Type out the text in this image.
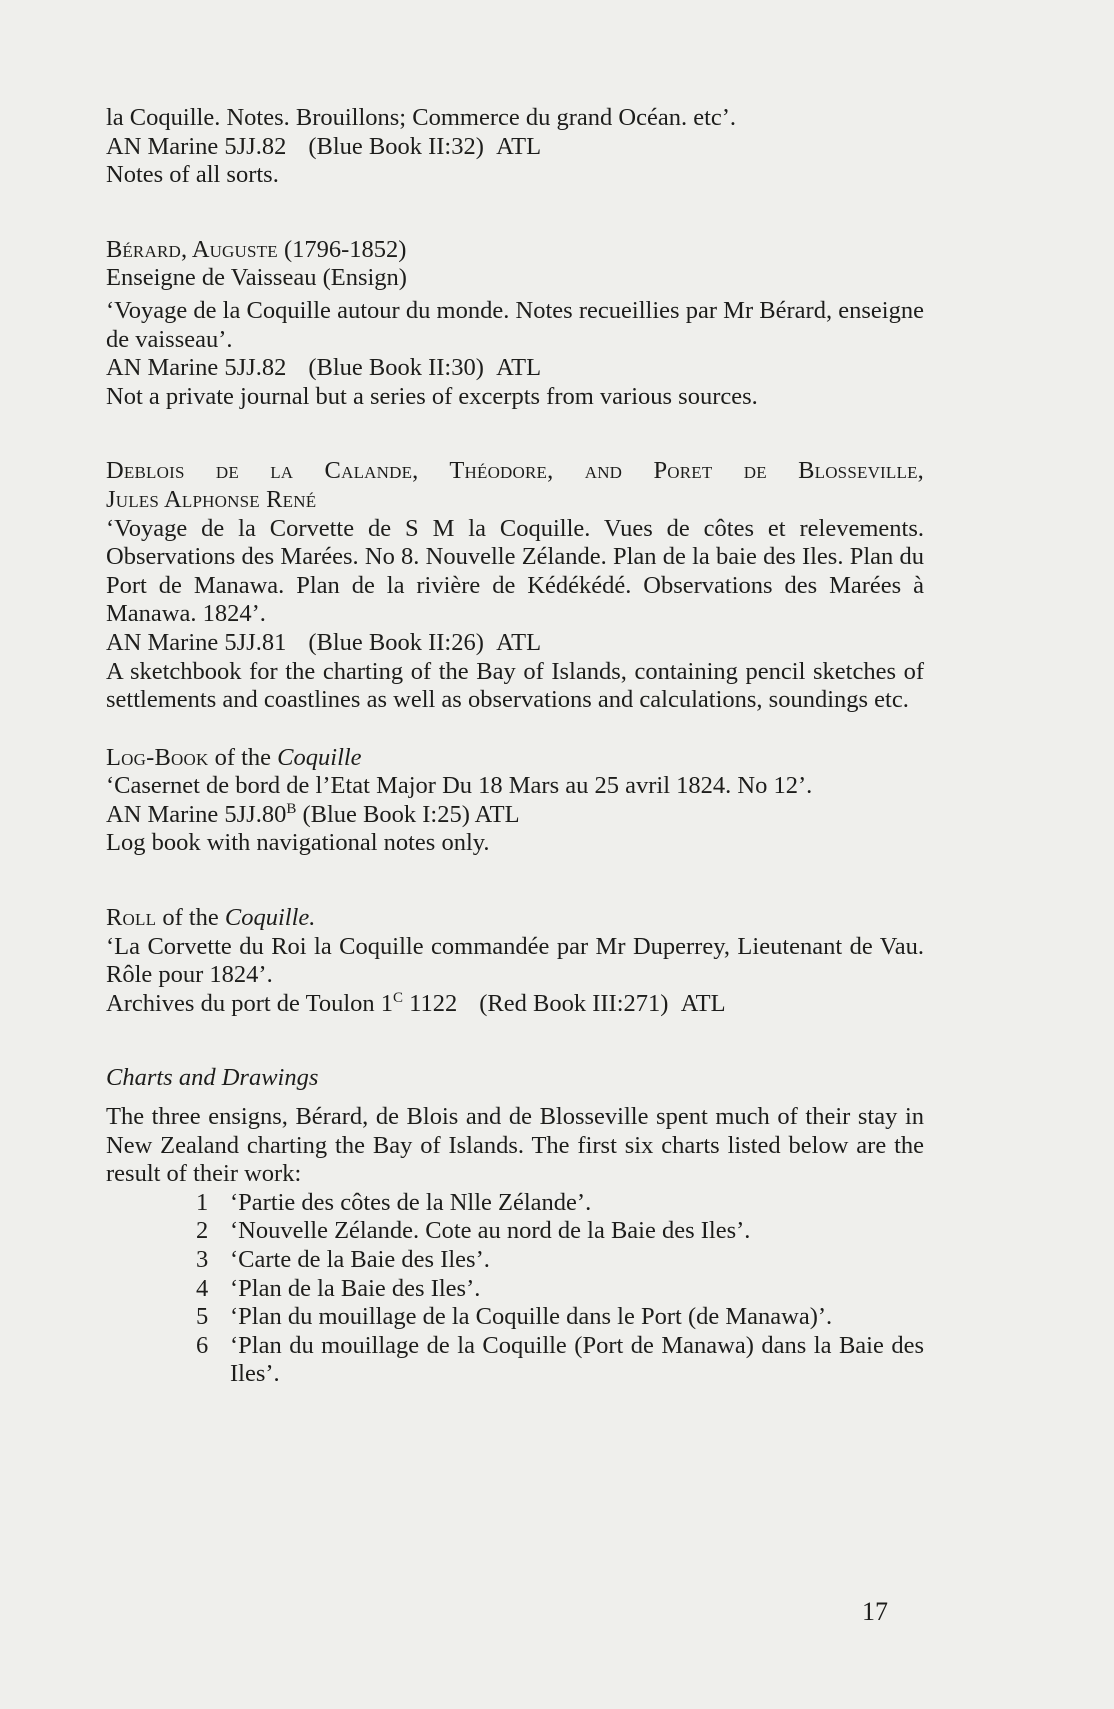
la Coquille. Notes. Brouillons; Commerce du grand Océan. etc’.

AN Marine 5JJ.82 (Blue Book II:32) ATL

Notes of all sorts.

Bérard, Auguste (1796-1852)

Enseigne de Vaisseau (Ensign)

‘Voyage de la Coquille autour du monde. Notes recueillies par Mr Bérard, enseigne de vaisseau’.

AN Marine 5JJ.82 (Blue Book II:30) ATL

Not a private journal but a series of excerpts from various sources.

Deblois de la Calande, Théodore, and Poret de Blosseville,

Jules Alphonse René

‘Voyage de la Corvette de S M la Coquille. Vues de côtes et relevements. Observations des Marées. No 8. Nouvelle Zélande. Plan de la baie des Iles. Plan du Port de Manawa. Plan de la rivière de Kédékédé. Observations des Marées à Manawa. 1824’.

AN Marine 5JJ.81 (Blue Book II:26) ATL

A sketchbook for the charting of the Bay of Islands, containing pencil sketches of settlements and coastlines as well as observations and calculations, soundings etc.

Log-Book of the Coquille

‘Casernet de bord de l’Etat Major Du 18 Mars au 25 avril 1824. No 12’.

AN Marine $5JJ.80^B$ (Blue Book I:25) ATL

Log book with navigational notes only.

Roll of the Coquille.

‘La Corvette du Roi la Coquille commandée par Mr Duperrey, Lieutenant de Vau. Rôle pour 1824’.

Archives du port de Toulon $1^C$ 1122 (Red Book III:271) ATL

Charts and Drawings

The three ensigns, Bérard, de Blois and de Blosseville spent much of their stay in New Zealand charting the Bay of Islands. The first six charts listed below are the result of their work:

1 ‘Partie des côtes de la Nlle Zélande’.
2 ‘Nouvelle Zélande. Cote au nord de la Baie des Iles’.
3 ‘Carte de la Baie des Iles’.
4 ‘Plan de la Baie des Iles’.
5 ‘Plan du mouillage de la Coquille dans le Port (de Manawa)’.
6 ‘Plan du mouillage de la Coquille (Port de Manawa) dans la Baie des Iles’.
17
